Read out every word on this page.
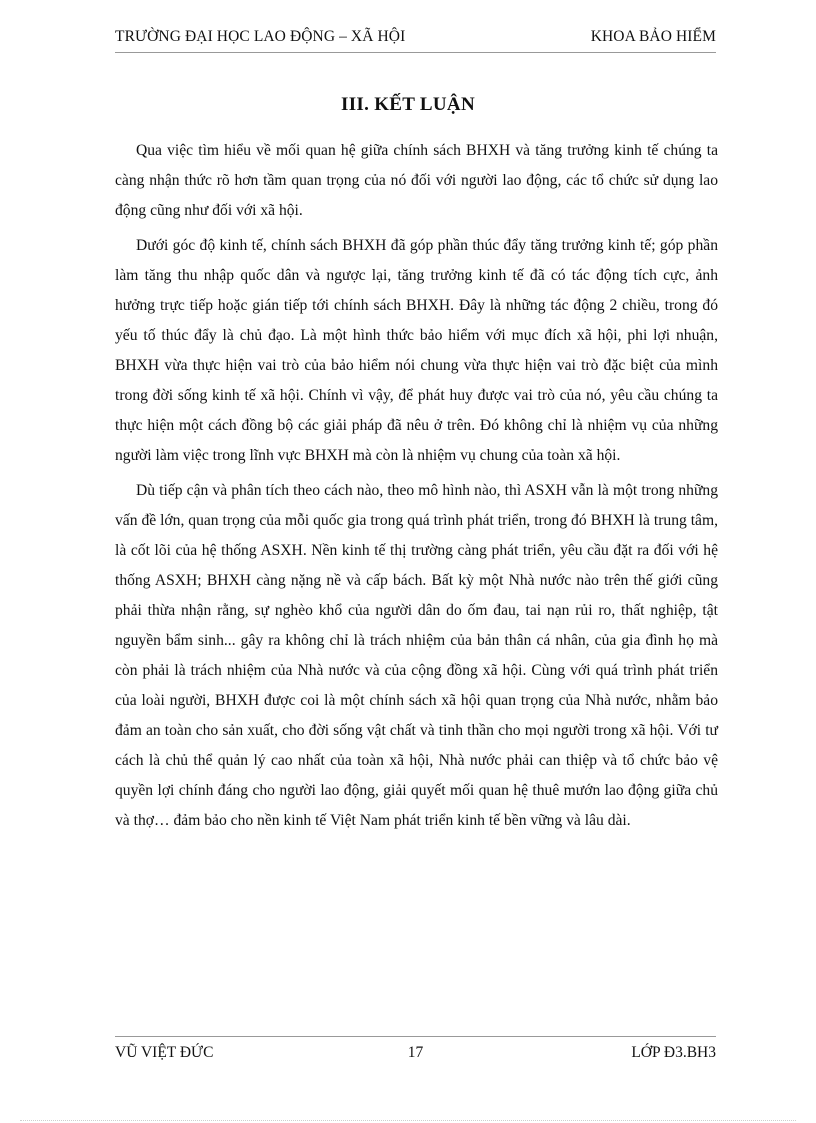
TRƯỜNG ĐẠI HỌC LAO ĐỘNG – XÃ HỘI	KHOA BẢO HIỂM
III. KẾT LUẬN

Qua việc tìm hiểu về mối quan hệ giữa chính sách BHXH và tăng trưởng kinh tế chúng ta càng nhận thức rõ hơn tầm quan trọng của nó đối với người lao động, các tổ chức sử dụng lao động cũng như đối với xã hội.

Dưới góc độ kinh tế, chính sách BHXH đã góp phần thúc đẩy tăng trưởng kinh tế; góp phần làm tăng thu nhập quốc dân và ngược lại, tăng trưởng kinh tế đã có tác động tích cực, ảnh hưởng trực tiếp hoặc gián tiếp tới chính sách BHXH. Đây là những tác động 2 chiều, trong đó yếu tố thúc đẩy là chủ đạo. Là một hình thức bảo hiểm với mục đích xã hội, phi lợi nhuận, BHXH vừa thực hiện vai trò của bảo hiểm nói chung vừa thực hiện vai trò đặc biệt của mình trong đời sống kinh tế xã hội. Chính vì vậy, để phát huy được vai trò của nó, yêu cầu chúng ta thực hiện một cách đồng bộ các giải pháp đã nêu ở trên. Đó không chỉ là nhiệm vụ của những người làm việc trong lĩnh vực BHXH mà còn là nhiệm vụ chung của toàn xã hội.

Dù tiếp cận và phân tích theo cách nào, theo mô hình nào, thì ASXH vẫn là một trong những vấn đề lớn, quan trọng của mỗi quốc gia trong quá trình phát triển, trong đó BHXH là trung tâm, là cốt lõi của hệ thống ASXH. Nền kinh tế thị trường càng phát triển, yêu cầu đặt ra đối với hệ thống ASXH; BHXH càng nặng nề và cấp bách. Bất kỳ một Nhà nước nào trên thế giới cũng phải thừa nhận rằng, sự nghèo khổ của người dân do ốm đau, tai nạn rủi ro, thất nghiệp, tật nguyền bẩm sinh... gây ra không chỉ là trách nhiệm của bản thân cá nhân, của gia đình họ mà còn phải là trách nhiệm của Nhà nước và của cộng đồng xã hội. Cùng với quá trình phát triển của loài người, BHXH được coi là một chính sách xã hội quan trọng của Nhà nước, nhằm bảo đảm an toàn cho sản xuất, cho đời sống vật chất và tinh thần cho mọi người trong xã hội. Với tư cách là chủ thể quản lý cao nhất của toàn xã hội, Nhà nước phải can thiệp và tổ chức bảo vệ quyền lợi chính đáng cho người lao động, giải quyết mối quan hệ thuê mướn lao động giữa chủ và thợ… đảm bảo cho nền kinh tế Việt Nam phát triển kinh tế bền vững và lâu dài.

VŨ VIỆT ĐỨC	17	LỚP Đ3.BH3
